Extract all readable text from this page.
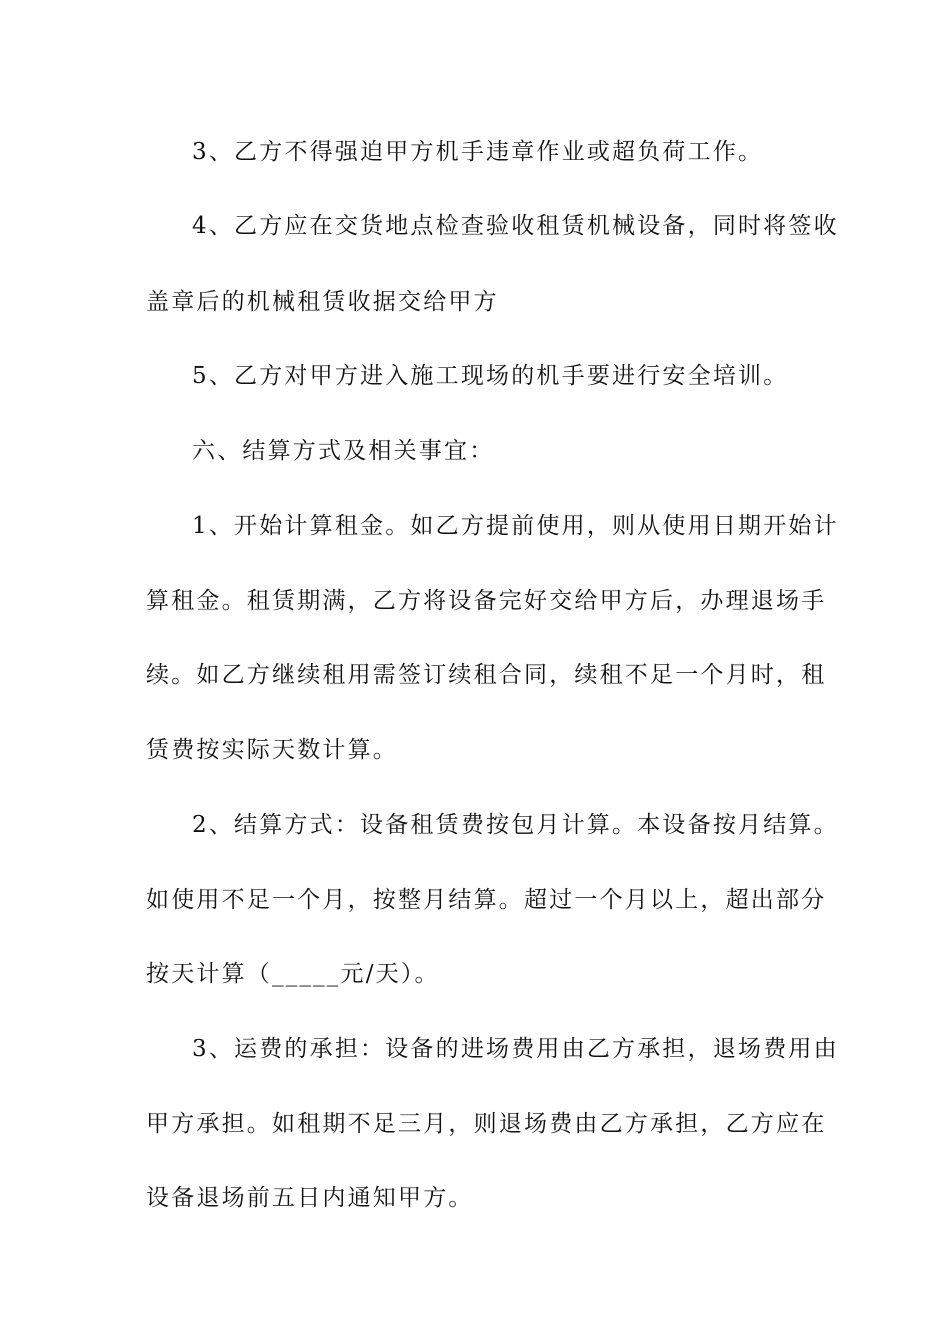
3、乙方不得强迫甲方机手违章作业或超负荷工作。
4、乙方应在交货地点检查验收租赁机械设备，同时将签收
盖章后的机械租赁收据交给甲方
5、乙方对甲方进入施工现场的机手要进行安全培训。
六、结算方式及相关事宜：
1、开始计算租金。如乙方提前使用，则从使用日期开始计
算租金。租赁期满，乙方将设备完好交给甲方后，办理退场手
续。如乙方继续租用需签订续租合同，续租不足一个月时，租
赁费按实际天数计算。
2、结算方式：设备租赁费按包月计算。本设备按月结算。
如使用不足一个月，按整月结算。超过一个月以上，超出部分
按天计算（_____元/天）。
3、运费的承担：设备的进场费用由乙方承担，退场费用由
甲方承担。如租期不足三月，则退场费由乙方承担，乙方应在
设备退场前五日内通知甲方。
